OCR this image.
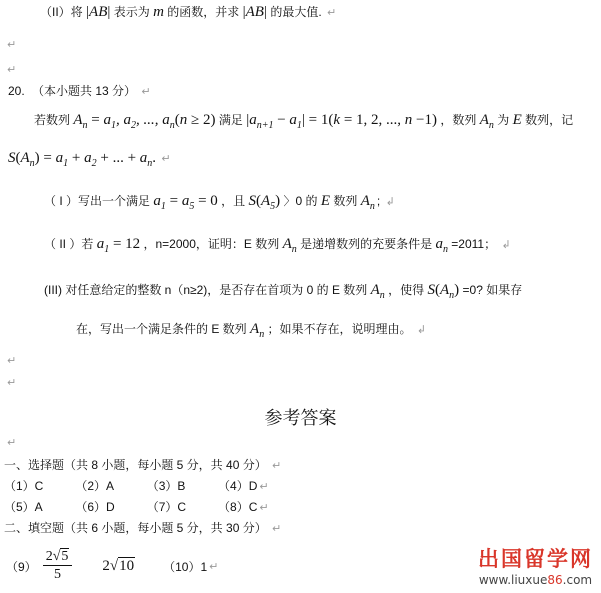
（II）将 |AB| 表示为 m 的函数，并求 |AB| 的最大值. ↵
↵
↵
20. （本小题共 13 分） ↵
若数列 $A_n = a_1$, $a_2$, ..., $a_n(n \ge 2)$ 满足 $|a_{n+1} - a_1| = 1(k = 1$, 2, ..., n −1) ，数列 $A_n$ 为 E 数列，记
$S(A_n) = a_1 + a_2$ + ... + $a_n$. ↵
（ I ）写出一个满足 $a_1 = a_5 = 0$ ，且 $S(A_5)$ 〉0 的 E 数列 $A_n$ ; ↲
（ II ）若 $a_1 = 12$ ，n=2000，证明：E 数列 $A_n$ 是递增数列的充要条件是 $a_n =2011$； ↲
(III) 对任意给定的整数 n（n≥2)，是否存在首项为 0 的 E 数列 $A_n$ ，使得 $S(A_n) =0$? 如果存
在，写出一个满足条件的 E 数列 $A_n$ ；如果不存在，说明理由。 ↲
↵
↵
参考答案
↵
一、选择题（共 8 小题，每小题 5 分，共 40 分） ↵
（1）C	（2）A	（3）B	（4）D ↵
（5）A	（6）D	（7）C	（8）C ↵
二、填空题（共 6 小题，每小题 5 分，共 30 分） ↵
$(9) \frac{2√5}{5} 2√10$ （10）1 ↵	出国留学网
www.liuxue86.com
